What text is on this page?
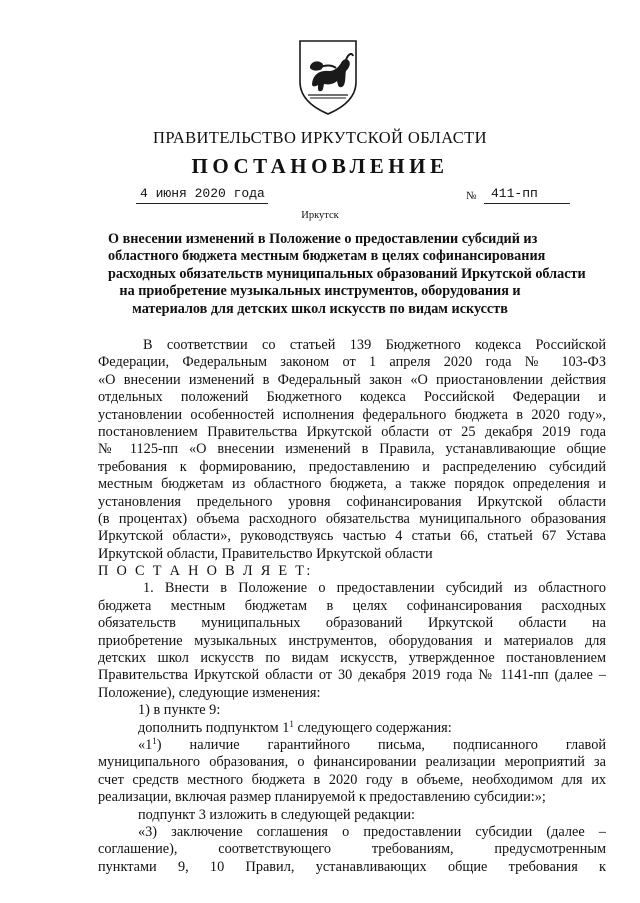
ПРАВИТЕЛЬСТВО ИРКУТСКОЙ ОБЛАСТИ
ПОСТАНОВЛЕНИЕ
4 июня 2020 года	№ 411-пп
Иркутск
О внесении изменений в Положение о предоставлении субсидий из
областного бюджета местным бюджетам в целях софинансирования
расходных обязательств муниципальных образований Иркутской области
на приобретение музыкальных инструментов, оборудования и
материалов для детских школ искусств по видам искусств
В соответствии со статьей 139 Бюджетного кодекса Российской
Федерации, Федеральным законом от 1 апреля 2020 года № 103-ФЗ
«О внесении изменений в Федеральный закон «О приостановлении действия
отдельных положений Бюджетного кодекса Российской Федерации и
установлении особенностей исполнения федерального бюджета в 2020 году»,
постановлением Правительства Иркутской области от 25 декабря 2019 года
№ 1125-пп «О внесении изменений в Правила, устанавливающие общие
требования к формированию, предоставлению и распределению субсидий
местным бюджетам из областного бюджета, а также порядок определения и
установления предельного уровня софинансирования Иркутской области
(в процентах) объема расходного обязательства муниципального образования
Иркутской области», руководствуясь частью 4 статьи 66, статьей 67 Устава
Иркутской области, Правительство Иркутской области
П О С Т А Н О В Л Я Е Т:
1. Внести в Положение о предоставлении субсидий из областного
бюджета местным бюджетам в целях софинансирования расходных
обязательств муниципальных образований Иркутской области на
приобретение музыкальных инструментов, оборудования и материалов для
детских школ искусств по видам искусств, утвержденное постановлением
Правительства Иркутской области от 30 декабря 2019 года № 1141-пп (далее –
Положение), следующие изменения:
1) в пункте 9:
дополнить подпунктом $1^1$ следующего содержания:
«$1^1$) наличие гарантийного письма, подписанного главой
муниципального образования, о финансировании реализации мероприятий за
счет средств местного бюджета в 2020 году в объеме, необходимом для их
реализации, включая размер планируемой к предоставлению субсидии:»;
подпункт 3 изложить в следующей редакции:
«3) заключение соглашения о предоставлении субсидии (далее –
соглашение), соответствующего требованиям, предусмотренным
пунктами 9, 10 Правил, устанавливающих общие требования к
